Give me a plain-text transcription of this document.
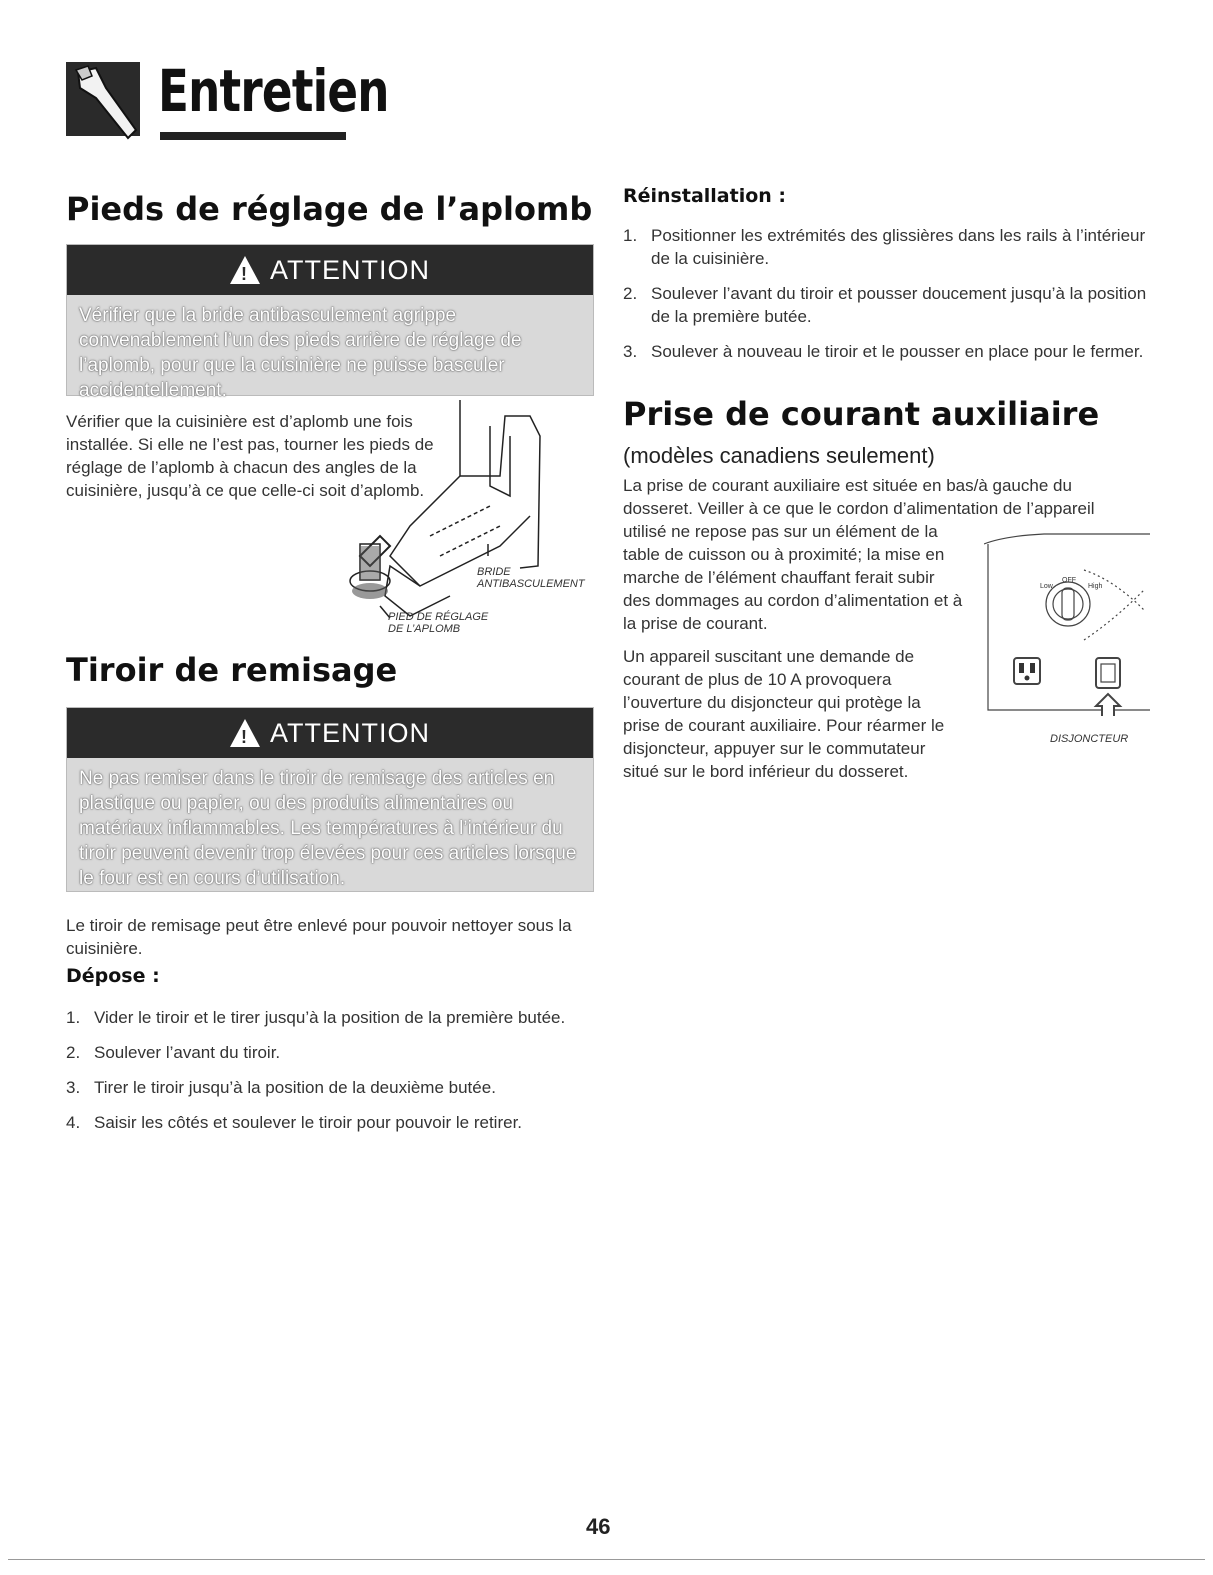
Entretien
Pieds de réglage de l’aplomb
! ATTENTION
Vérifier que la bride antibasculement agrippe convenablement l’un des pieds arrière de réglage de l’aplomb, pour que la cuisinière ne puisse basculer accidentellement.
Vérifier que la cuisinière est d’aplomb une fois
installée. Si elle ne l’est pas, tourner les pieds de
réglage de l’aplomb à chacun des angles de la
cuisinière, jusqu’à ce que celle-ci soit d’aplomb.
BRIDE
ANTIBASCULEMENT
PIED DE RÉGLAGE
DE L’APLOMB
Tiroir de remisage
! ATTENTION
Ne pas remiser dans le tiroir de remisage des articles en plastique ou papier, ou des produits alimentaires ou matériaux inflammables. Les températures à l’intérieur du tiroir peuvent devenir trop élevées pour ces articles lorsque le four est en cours d’utilisation.
Le tiroir de remisage peut être enlevé pour pouvoir nettoyer sous la cuisinière.
Dépose :
1. Vider le tiroir et le tirer jusqu’à la position de la première butée.
2. Soulever l’avant du tiroir.
3. Tirer le tiroir jusqu’à la position de la deuxième butée.
4. Saisir les côtés et soulever le tiroir pour pouvoir le retirer.
Réinstallation :
1. Positionner les extrémités des glissières dans les rails à l’intérieur de la cuisinière.
2. Soulever l’avant du tiroir et pousser doucement jusqu’à la position de la première butée.
3. Soulever à nouveau le tiroir et le pousser en place pour le fermer.
Prise de courant auxiliaire
(modèles canadiens seulement)
La prise de courant auxiliaire est située en bas/à gauche du
dosseret. Veiller à ce que le cordon d’alimentation de l’appareil
utilisé ne repose pas sur un élément de la
table de cuisson ou à proximité; la mise en
marche de l’élément chauffant ferait subir
des dommages au cordon d’alimentation et à
la prise de courant.
Un appareil suscitant une demande de
courant de plus de 10 A provoquera
l’ouverture du disjoncteur qui protège la
prise de courant auxiliaire. Pour réarmer le
disjoncteur, appuyer sur le commutateur
situé sur le bord inférieur du dosseret.
Low
OFF
High
DISJONCTEUR
46
